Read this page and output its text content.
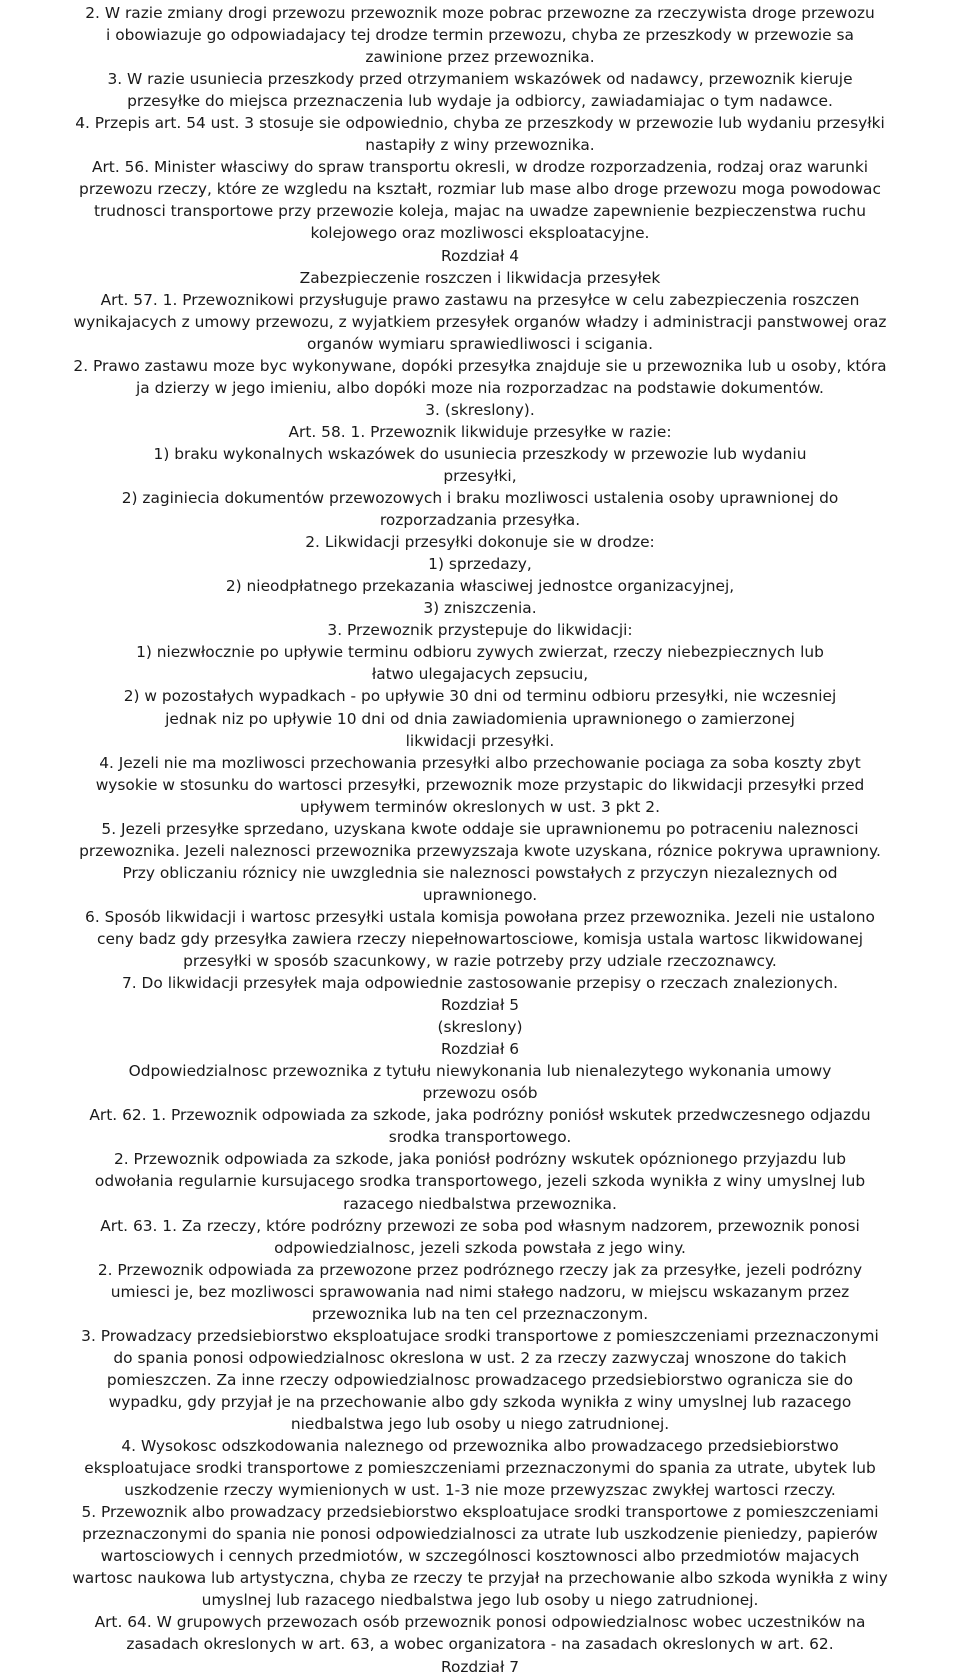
2. W razie zmiany drogi przewozu przewoznik moze pobrac przewozne za rzeczywista droge przewozu
i obowiazuje go odpowiadajacy tej drodze termin przewozu, chyba ze przeszkody w przewozie sa
zawinione przez przewoznika.
3. W razie usuniecia przeszkody przed otrzymaniem wskazówek od nadawcy, przewoznik kieruje
przesyłke do miejsca przeznaczenia lub wydaje ja odbiorcy, zawiadamiajac o tym nadawce.
4. Przepis art. 54 ust. 3 stosuje sie odpowiednio, chyba ze przeszkody w przewozie lub wydaniu przesyłki
nastapiły z winy przewoznika.
Art. 56. Minister własciwy do spraw transportu okresli, w drodze rozporzadzenia, rodzaj oraz warunki
przewozu rzeczy, które ze wzgledu na kształt, rozmiar lub mase albo droge przewozu moga powodowac
trudnosci transportowe przy przewozie koleja, majac na uwadze zapewnienie bezpieczenstwa ruchu
kolejowego oraz mozliwosci eksploatacyjne.
Rozdział 4
Zabezpieczenie roszczen i likwidacja przesyłek
Art. 57. 1. Przewoznikowi przysługuje prawo zastawu na przesyłce w celu zabezpieczenia roszczen
wynikajacych z umowy przewozu, z wyjatkiem przesyłek organów władzy i administracji panstwowej oraz
organów wymiaru sprawiedliwosci i scigania.
2. Prawo zastawu moze byc wykonywane, dopóki przesyłka znajduje sie u przewoznika lub u osoby, która
ja dzierzy w jego imieniu, albo dopóki moze nia rozporzadzac na podstawie dokumentów.
3. (skreslony).
Art. 58. 1. Przewoznik likwiduje przesyłke w razie:
1) braku wykonalnych wskazówek do usuniecia przeszkody w przewozie lub wydaniu
przesyłki,
2) zaginiecia dokumentów przewozowych i braku mozliwosci ustalenia osoby uprawnionej do
rozporzadzania przesyłka.
2. Likwidacji przesyłki dokonuje sie w drodze:
1) sprzedazy,
2) nieodpłatnego przekazania własciwej jednostce organizacyjnej,
3) zniszczenia.
3. Przewoznik przystepuje do likwidacji:
1) niezwłocznie po upływie terminu odbioru zywych zwierzat, rzeczy niebezpiecznych lub
łatwo ulegajacych zepsuciu,
2) w pozostałych wypadkach - po upływie 30 dni od terminu odbioru przesyłki, nie wczesniej
jednak niz po upływie 10 dni od dnia zawiadomienia uprawnionego o zamierzonej
likwidacji przesyłki.
4. Jezeli nie ma mozliwosci przechowania przesyłki albo przechowanie pociaga za soba koszty zbyt
wysokie w stosunku do wartosci przesyłki, przewoznik moze przystapic do likwidacji przesyłki przed
upływem terminów okreslonych w ust. 3 pkt 2.
5. Jezeli przesyłke sprzedano, uzyskana kwote oddaje sie uprawnionemu po potraceniu naleznosci
przewoznika. Jezeli naleznosci przewoznika przewyzszaja kwote uzyskana, róznice pokrywa uprawniony.
Przy obliczaniu róznicy nie uwzglednia sie naleznosci powstałych z przyczyn niezaleznych od
uprawnionego.
6. Sposób likwidacji i wartosc przesyłki ustala komisja powołana przez przewoznika. Jezeli nie ustalono
ceny badz gdy przesyłka zawiera rzeczy niepełnowartosciowe, komisja ustala wartosc likwidowanej
przesyłki w sposób szacunkowy, w razie potrzeby przy udziale rzeczoznawcy.
7. Do likwidacji przesyłek maja odpowiednie zastosowanie przepisy o rzeczach znalezionych.
Rozdział 5
(skreslony)
Rozdział 6
Odpowiedzialnosc przewoznika z tytułu niewykonania lub nienalezytego wykonania umowy
przewozu osób
Art. 62. 1. Przewoznik odpowiada za szkode, jaka podrózny poniósł wskutek przedwczesnego odjazdu
srodka transportowego.
2. Przewoznik odpowiada za szkode, jaka poniósł podrózny wskutek opóznionego przyjazdu lub
odwołania regularnie kursujacego srodka transportowego, jezeli szkoda wynikła z winy umyslnej lub
razacego niedbalstwa przewoznika.
Art. 63. 1. Za rzeczy, które podrózny przewozi ze soba pod własnym nadzorem, przewoznik ponosi
odpowiedzialnosc, jezeli szkoda powstała z jego winy.
2. Przewoznik odpowiada za przewozone przez podróznego rzeczy jak za przesyłke, jezeli podrózny
umiesci je, bez mozliwosci sprawowania nad nimi stałego nadzoru, w miejscu wskazanym przez
przewoznika lub na ten cel przeznaczonym.
3. Prowadzacy przedsiebiorstwo eksploatujace srodki transportowe z pomieszczeniami przeznaczonymi
do spania ponosi odpowiedzialnosc okreslona w ust. 2 za rzeczy zazwyczaj wnoszone do takich
pomieszczen. Za inne rzeczy odpowiedzialnosc prowadzacego przedsiebiorstwo ogranicza sie do
wypadku, gdy przyjał je na przechowanie albo gdy szkoda wynikła z winy umyslnej lub razacego
niedbalstwa jego lub osoby u niego zatrudnionej.
4. Wysokosc odszkodowania naleznego od przewoznika albo prowadzacego przedsiebiorstwo
eksploatujace srodki transportowe z pomieszczeniami przeznaczonymi do spania za utrate, ubytek lub
uszkodzenie rzeczy wymienionych w ust. 1-3 nie moze przewyzszac zwykłej wartosci rzeczy.
5. Przewoznik albo prowadzacy przedsiebiorstwo eksploatujace srodki transportowe z pomieszczeniami
przeznaczonymi do spania nie ponosi odpowiedzialnosci za utrate lub uszkodzenie pieniedzy, papierów
wartosciowych i cennych przedmiotów, w szczególnosci kosztownosci albo przedmiotów majacych
wartosc naukowa lub artystyczna, chyba ze rzeczy te przyjał na przechowanie albo szkoda wynikła z winy
umyslnej lub razacego niedbalstwa jego lub osoby u niego zatrudnionej.
Art. 64. W grupowych przewozach osób przewoznik ponosi odpowiedzialnosc wobec uczestników na
zasadach okreslonych w art. 63, a wobec organizatora - na zasadach okreslonych w art. 62.
Rozdział 7
